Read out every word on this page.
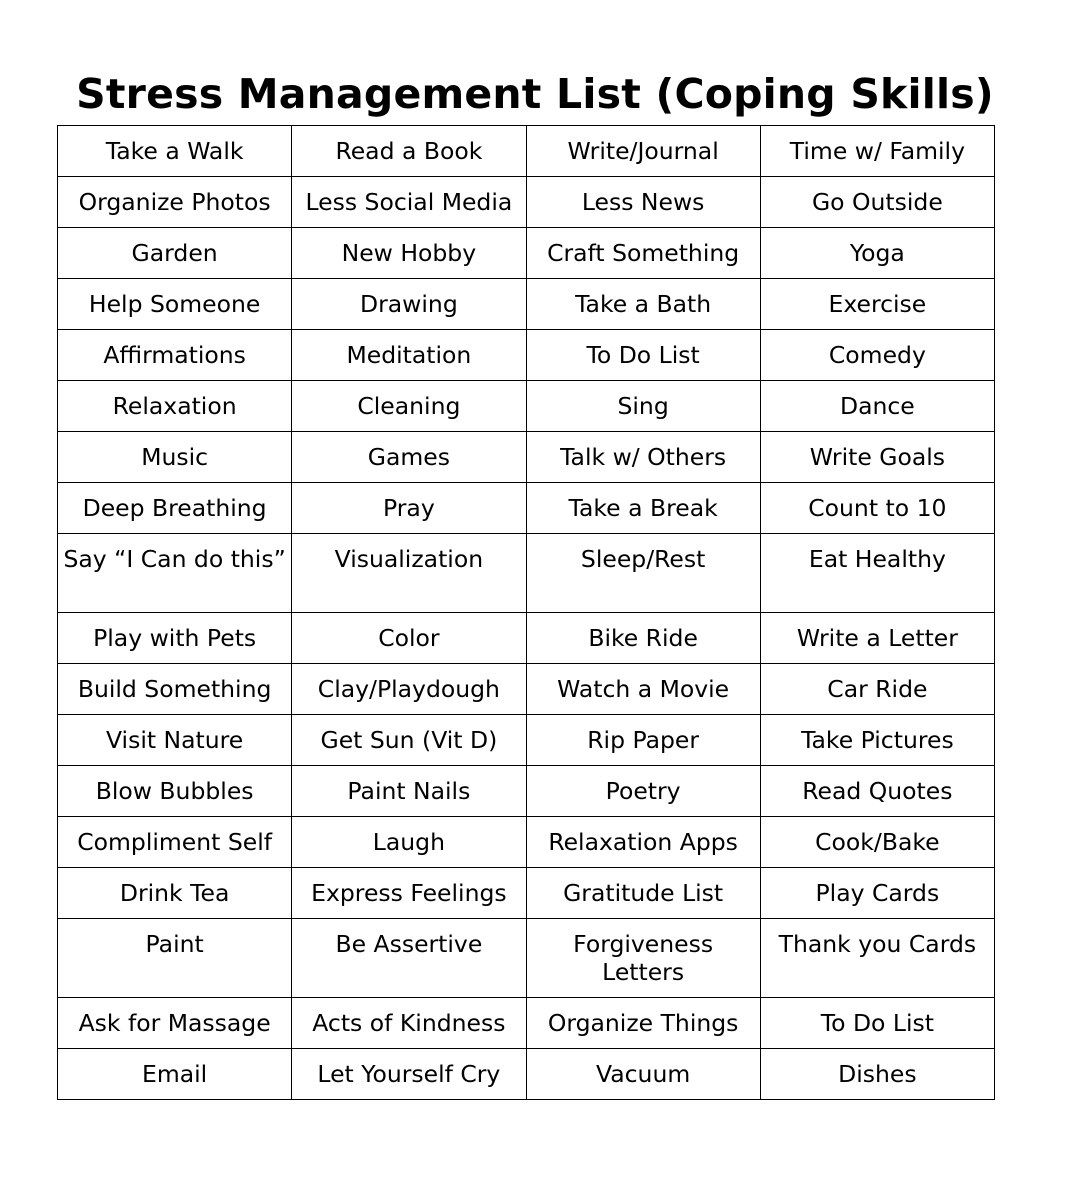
Stress Management List (Coping Skills)
Take a Walk	Read a Book	Write/Journal	Time w/ Family
Organize Photos	Less Social Media	Less News	Go Outside
Garden	New Hobby	Craft Something	Yoga
Help Someone	Drawing	Take a Bath	Exercise
Affirmations	Meditation	To Do List	Comedy
Relaxation	Cleaning	Sing	Dance
Music	Games	Talk w/ Others	Write Goals
Deep Breathing	Pray	Take a Break	Count to 10
Say “I Can do this”	Visualization	Sleep/Rest	Eat Healthy
Play with Pets	Color	Bike Ride	Write a Letter
Build Something	Clay/Playdough	Watch a Movie	Car Ride
Visit Nature	Get Sun (Vit D)	Rip Paper	Take Pictures
Blow Bubbles	Paint Nails	Poetry	Read Quotes
Compliment Self	Laugh	Relaxation Apps	Cook/Bake
Drink Tea	Express Feelings	Gratitude List	Play Cards
Paint	Be Assertive	Forgiveness Letters	Thank you Cards
Ask for Massage	Acts of Kindness	Organize Things	To Do List
Email	Let Yourself Cry	Vacuum	Dishes
